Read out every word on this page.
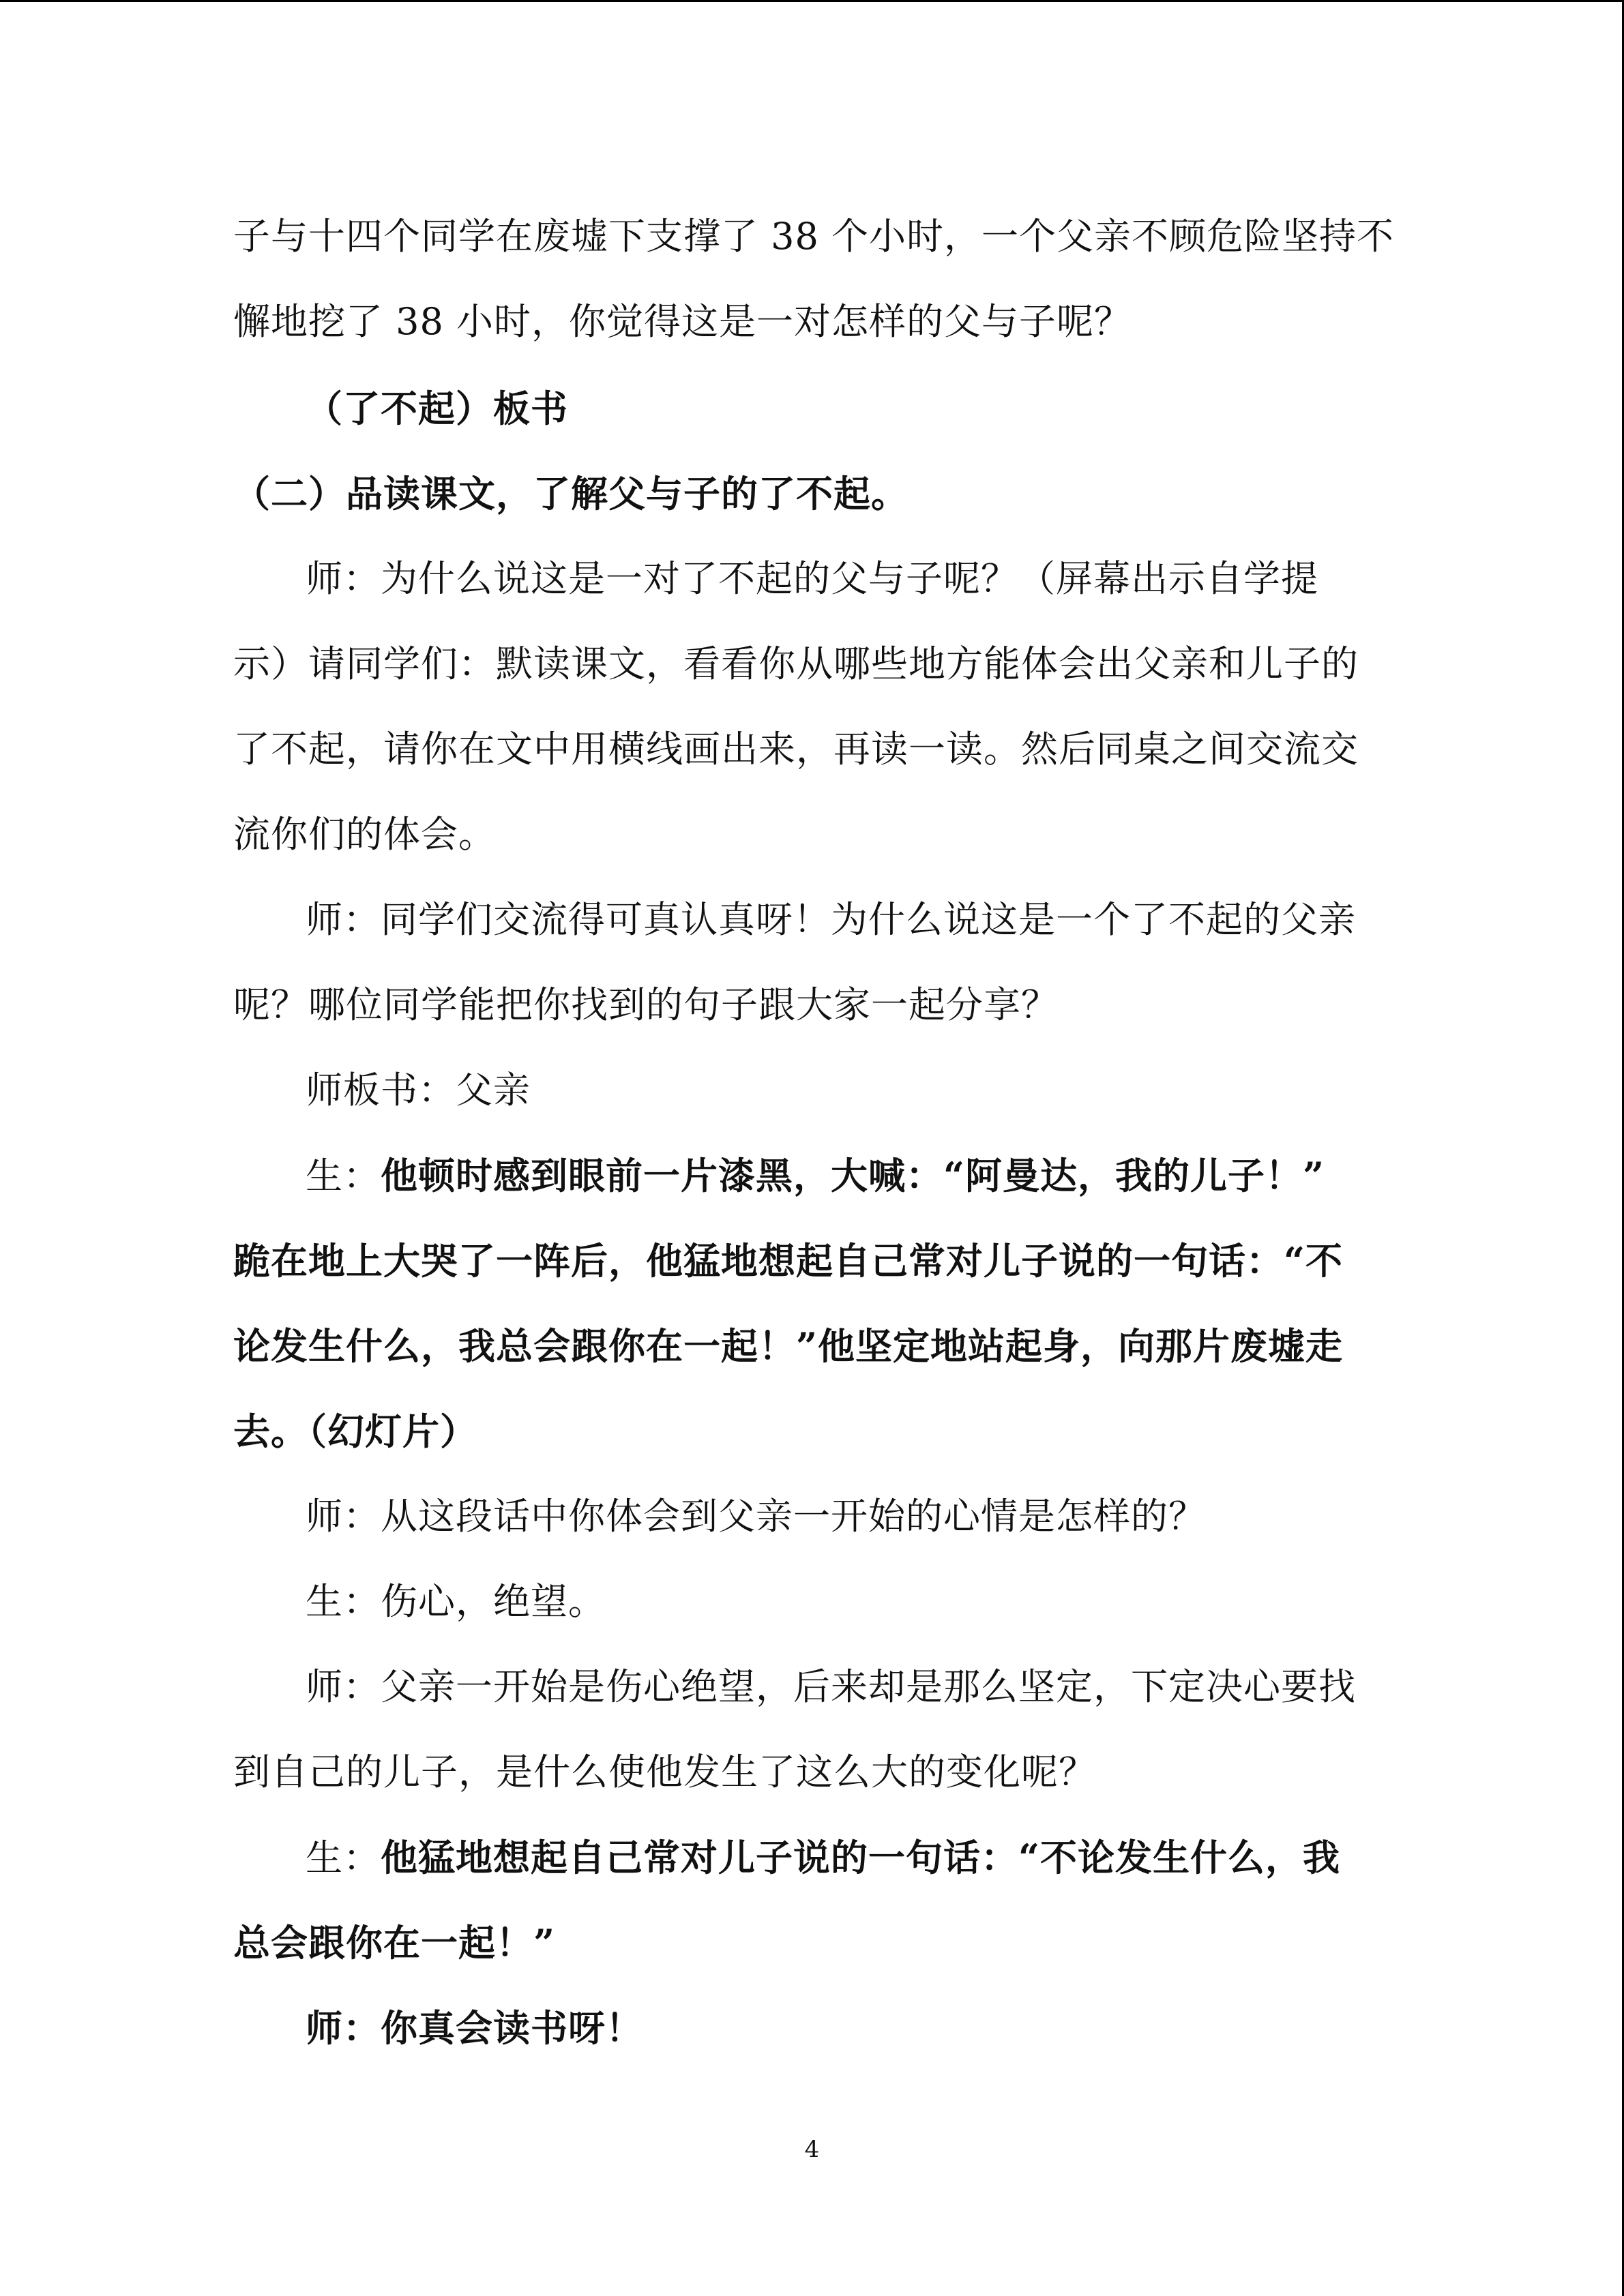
子与十四个同学在废墟下支撑了 38 个小时，一个父亲不顾危险坚持不
懈地挖了 38 小时，你觉得这是一对怎样的父与子呢？
（了不起）板书
（二）品读课文，了解父与子的了不起。
师：为什么说这是一对了不起的父与子呢？（屏幕出示自学提
示）请同学们：默读课文，看看你从哪些地方能体会出父亲和儿子的
了不起，请你在文中用横线画出来，再读一读。然后同桌之间交流交
流你们的体会。
师：同学们交流得可真认真呀！为什么说这是一个了不起的父亲
呢？哪位同学能把你找到的句子跟大家一起分享？
师板书：父亲
生：他顿时感到眼前一片漆黑，大喊：“阿曼达，我的儿子！”
跪在地上大哭了一阵后，他猛地想起自己常对儿子说的一句话：“不
论发生什么，我总会跟你在一起！”他坚定地站起身，向那片废墟走
去。（幻灯片）
师：从这段话中你体会到父亲一开始的心情是怎样的？
生：伤心，绝望。
师：父亲一开始是伤心绝望，后来却是那么坚定，下定决心要找
到自己的儿子，是什么使他发生了这么大的变化呢？
生：他猛地想起自己常对儿子说的一句话：“不论发生什么，我
总会跟你在一起！”
师：你真会读书呀！
4
